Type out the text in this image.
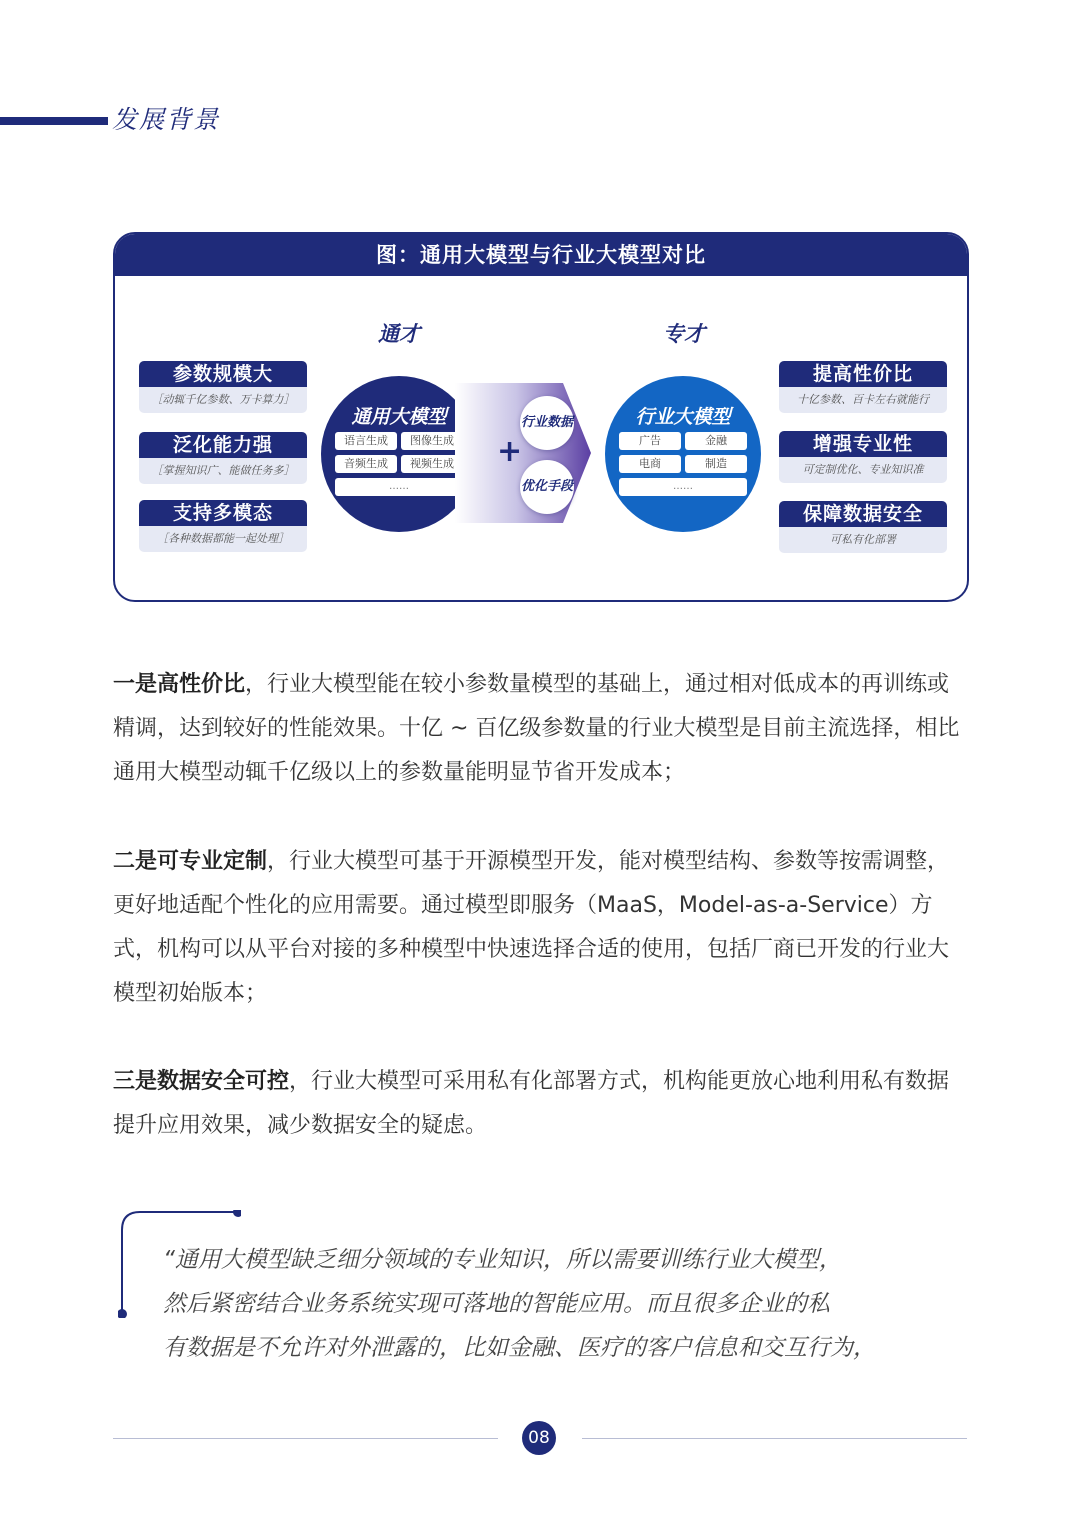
发展背景
图：通用大模型与行业大模型对比
通才	专才
参数规模大
［动辄千亿参数、万卡算力］
泛化能力强
［掌握知识广、能做任务多］
支持多模态
［各种数据都能一起处理］
通用大模型
语言生成	图像生成
音频生成	视频生成
……
+
行业数据
优化手段
行业大模型
广告	金融
电商	制造
……
提高性价比
十亿参数、百卡左右就能行
增强专业性
可定制优化、专业知识准
保障数据安全
可私有化部署
一是高性价比，行业大模型能在较小参数量模型的基础上，通过相对低成本的再训练或精调，达到较好的性能效果。十亿 ~ 百亿级参数量的行业大模型是目前主流选择，相比通用大模型动辄千亿级以上的参数量能明显节省开发成本；
二是可专业定制，行业大模型可基于开源模型开发，能对模型结构、参数等按需调整，更好地适配个性化的应用需要。通过模型即服务（MaaS，Model-as-a-Service）方式，机构可以从平台对接的多种模型中快速选择合适的使用，包括厂商已开发的行业大模型初始版本；
三是数据安全可控，行业大模型可采用私有化部署方式，机构能更放心地利用私有数据提升应用效果，减少数据安全的疑虑。
“通用大模型缺乏细分领域的专业知识，所以需要训练行业大模型，
然后紧密结合业务系统实现可落地的智能应用。而且很多企业的私
有数据是不允许对外泄露的，比如金融、医疗的客户信息和交互行为，
08
